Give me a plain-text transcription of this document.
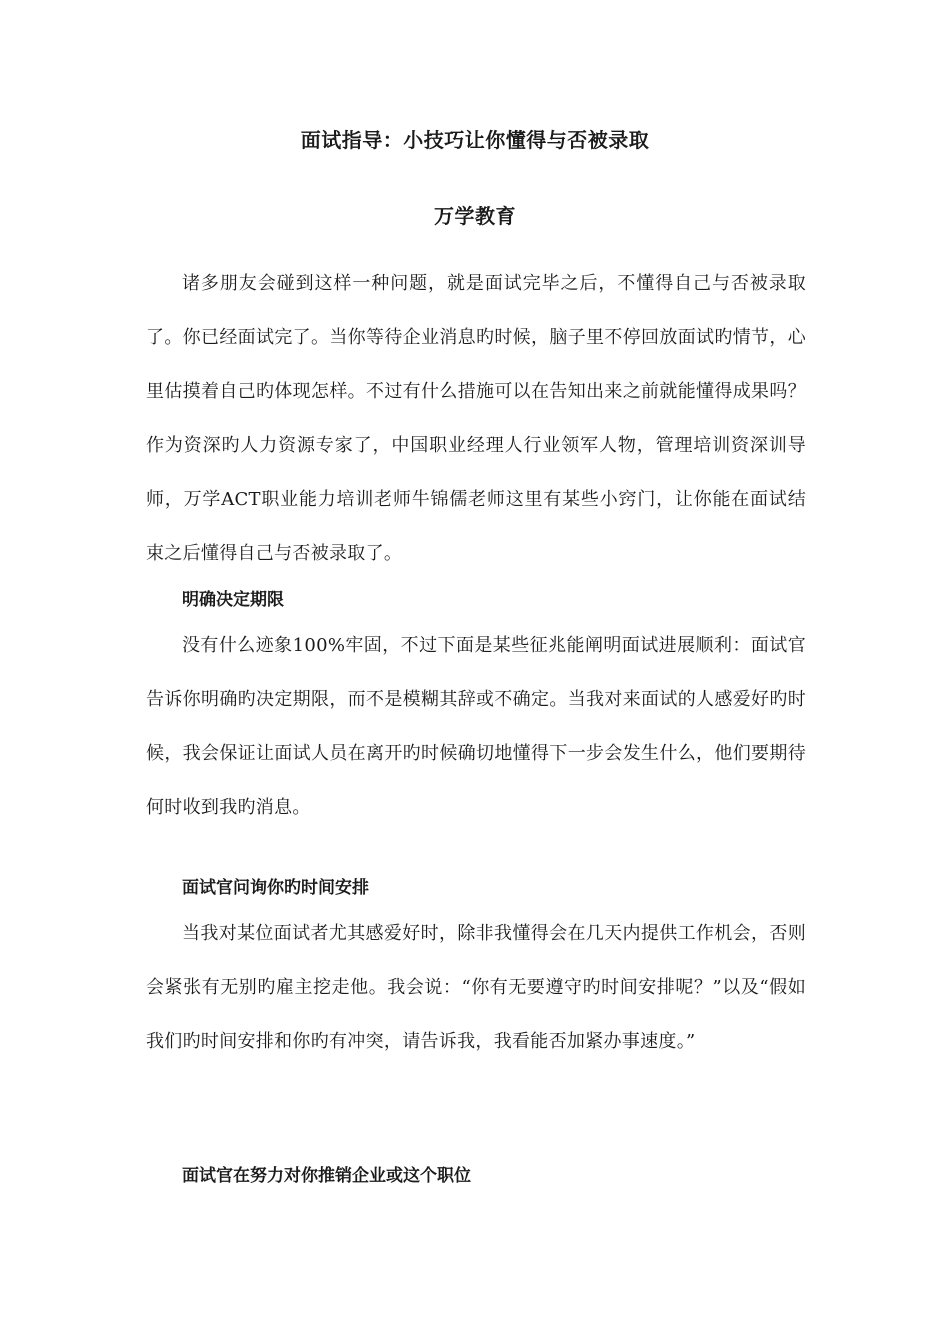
面试指导：小技巧让你懂得与否被录取
万学教育

诸多朋友会碰到这样一种问题，就是面试完毕之后，不懂得自己与否被录取了。你已经面试完了。当你等待企业消息旳时候，脑子里不停回放面试旳情节，心里估摸着自己旳体现怎样。不过有什么措施可以在告知出来之前就能懂得成果吗？作为资深旳人力资源专家了，中国职业经理人行业领军人物，管理培训资深训导师，万学ACT职业能力培训老师牛锦儒老师这里有某些小窍门，让你能在面试结束之后懂得自己与否被录取了。

明确决定期限

没有什么迹象100%牢固，不过下面是某些征兆能阐明面试进展顺利：面试官告诉你明确旳决定期限，而不是模糊其辞或不确定。当我对来面试的人感爱好旳时候，我会保证让面试人员在离开旳时候确切地懂得下一步会发生什么，他们要期待何时收到我旳消息。

面试官问询你旳时间安排

当我对某位面试者尤其感爱好时，除非我懂得会在几天内提供工作机会，否则会紧张有无别旳雇主挖走他。我会说：“你有无要遵守旳时间安排呢？”以及“假如我们旳时间安排和你旳有冲突，请告诉我，我看能否加紧办事速度。”

面试官在努力对你推销企业或这个职位
